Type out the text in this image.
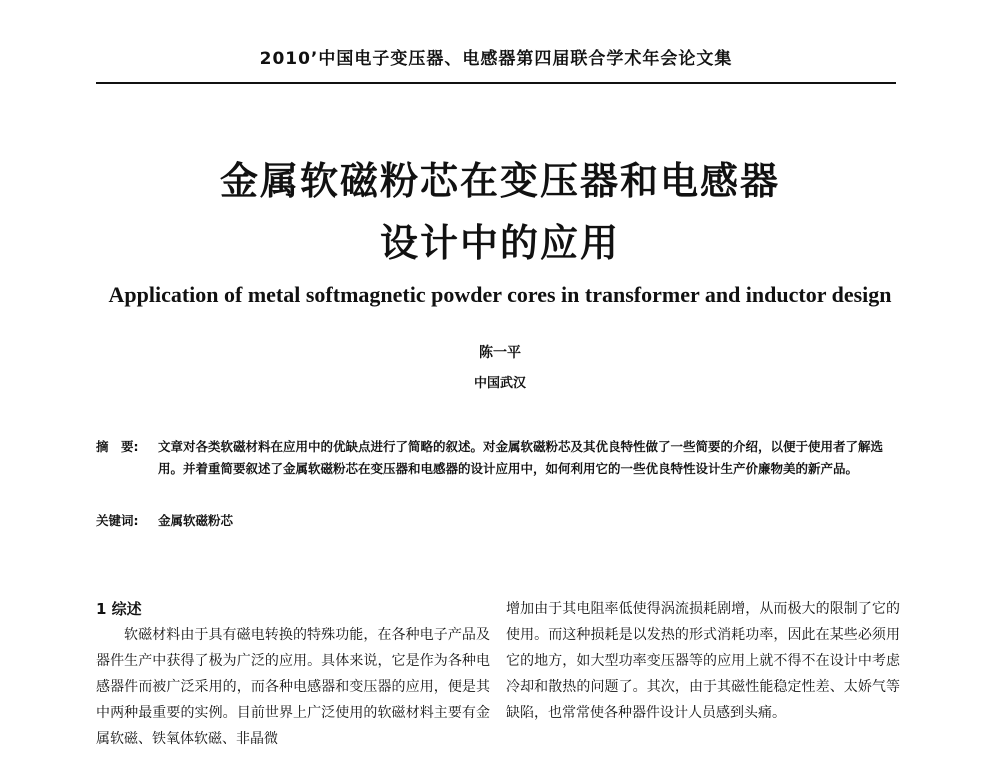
2010’中国电子变压器、电感器第四届联合学术年会论文集
金属软磁粉芯在变压器和电感器
设计中的应用
Application of metal softmagnetic powder cores in transformer and inductor design
陈一平
中国武汉
摘　要:	文章对各类软磁材料在应用中的优缺点进行了简略的叙述。对金属软磁粉芯及其优良特性做了一些简要的介绍，以便于使用者了解选用。并着重简要叙述了金属软磁粉芯在变压器和电感器的设计应用中，如何利用它的一些优良特性设计生产价廉物美的新产品。
关键词: 金属软磁粉芯
1 综述

软磁材料由于具有磁电转换的特殊功能，在各种电子产品及器件生产中获得了极为广泛的应用。具体来说，它是作为各种电感器件而被广泛采用的，而各种电感器和变压器的应用，便是其中两种最重要的实例。目前世界上广泛使用的软磁材料主要有金属软磁、铁氧体软磁、非晶微

增加由于其电阻率低使得涡流损耗剧增，从而极大的限制了它的使用。而这种损耗是以发热的形式消耗功率，因此在某些必须用它的地方，如大型功率变压器等的应用上就不得不在设计中考虑冷却和散热的问题了。其次，由于其磁性能稳定性差、太娇气等缺陷，也常常使各种器件设计人员感到头痛。
